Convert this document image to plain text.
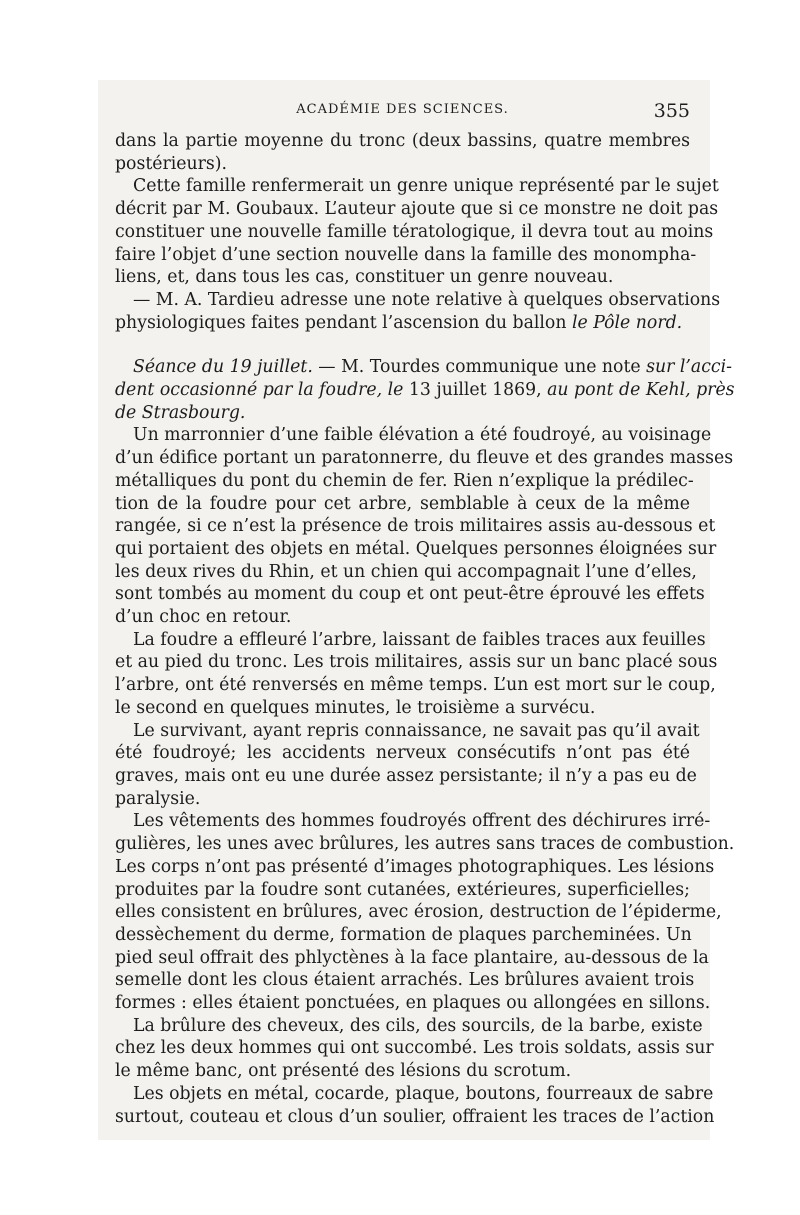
ACADÉMIE DES SCIENCES.	355
dans la partie moyenne du tronc (deux bassins, quatre membres
postérieurs).
Cette famille renfermerait un genre unique représenté par le sujet
décrit par M. Goubaux. L’auteur ajoute que si ce monstre ne doit pas
constituer une nouvelle famille tératologique, il devra tout au moins
faire l’objet d’une section nouvelle dans la famille des monompha-
liens, et, dans tous les cas, constituer un genre nouveau.
— M. A. Tardieu adresse une note relative à quelques observations
physiologiques faites pendant l’ascension du ballon le Pôle nord.
Séance du 19 juillet. — M. Tourdes communique une note sur l’acci-
dent occasionné par la foudre, le 13 juillet 1869, au pont de Kehl, près
de Strasbourg.
Un marronnier d’une faible élévation a été foudroyé, au voisinage
d’un édifice portant un paratonnerre, du fleuve et des grandes masses
métalliques du pont du chemin de fer. Rien n’explique la prédilec-
tion de la foudre pour cet arbre, semblable à ceux de la même
rangée, si ce n’est la présence de trois militaires assis au-dessous et
qui portaient des objets en métal. Quelques personnes éloignées sur
les deux rives du Rhin, et un chien qui accompagnait l’une d’elles,
sont tombés au moment du coup et ont peut-être éprouvé les effets
d’un choc en retour.
La foudre a effleuré l’arbre, laissant de faibles traces aux feuilles
et au pied du tronc. Les trois militaires, assis sur un banc placé sous
l’arbre, ont été renversés en même temps. L’un est mort sur le coup,
le second en quelques minutes, le troisième a survécu.
Le survivant, ayant repris connaissance, ne savait pas qu’il avait
été foudroyé; les accidents nerveux consécutifs n’ont pas été
graves, mais ont eu une durée assez persistante; il n’y a pas eu de
paralysie.
Les vêtements des hommes foudroyés offrent des déchirures irré-
gulières, les unes avec brûlures, les autres sans traces de combustion.
Les corps n’ont pas présenté d’images photographiques. Les lésions
produites par la foudre sont cutanées, extérieures, superficielles;
elles consistent en brûlures, avec érosion, destruction de l’épiderme,
dessèchement du derme, formation de plaques parcheminées. Un
pied seul offrait des phlyctènes à la face plantaire, au-dessous de la
semelle dont les clous étaient arrachés. Les brûlures avaient trois
formes : elles étaient ponctuées, en plaques ou allongées en sillons.
La brûlure des cheveux, des cils, des sourcils, de la barbe, existe
chez les deux hommes qui ont succombé. Les trois soldats, assis sur
le même banc, ont présenté des lésions du scrotum.
Les objets en métal, cocarde, plaque, boutons, fourreaux de sabre
surtout, couteau et clous d’un soulier, offraient les traces de l’action
